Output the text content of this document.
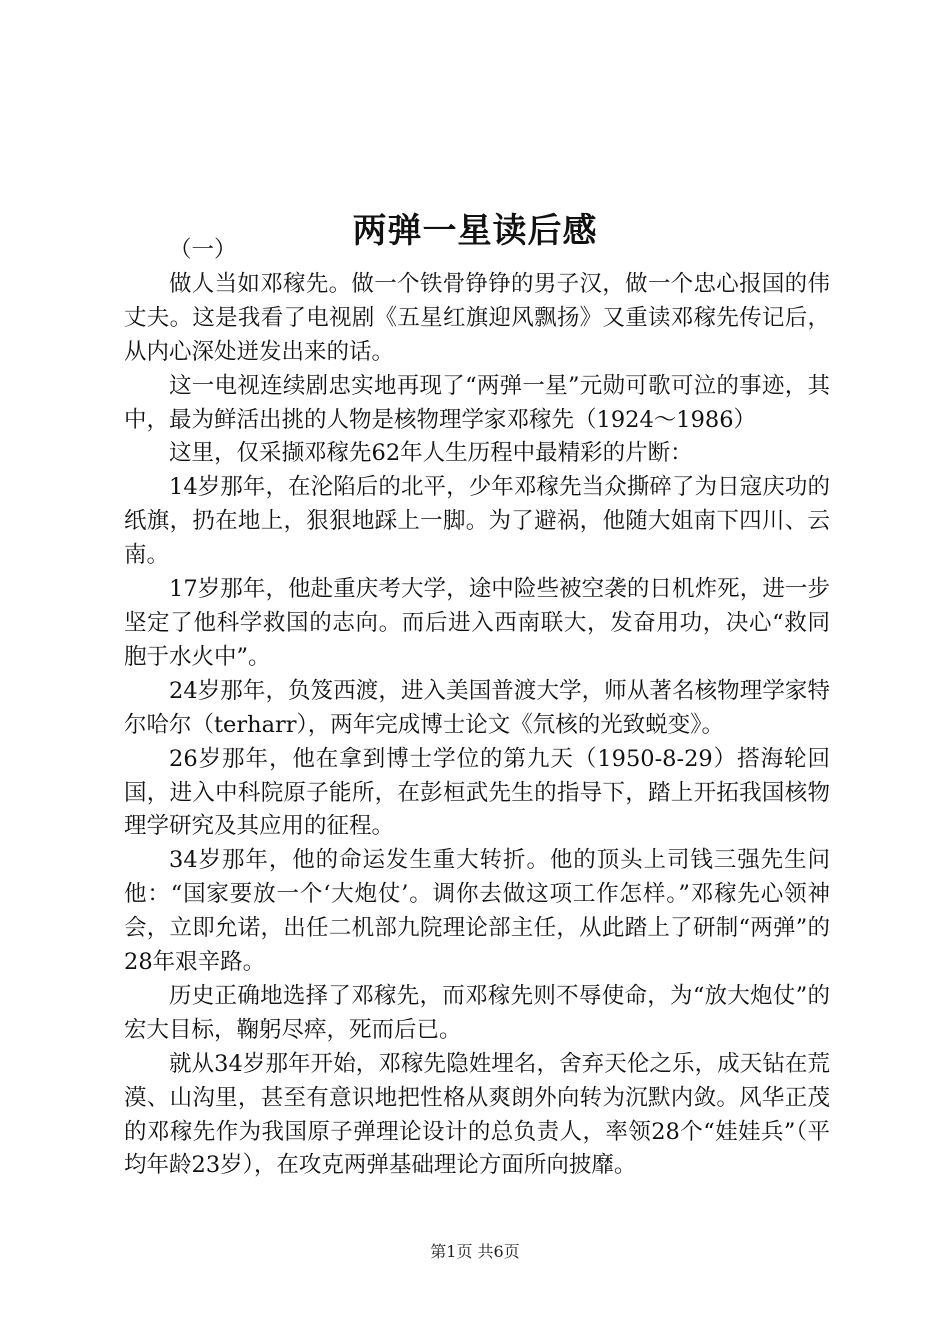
两弹一星读后感

（一）

做人当如邓稼先。做一个铁骨铮铮的男子汉，做一个忠心报国的伟丈夫。这是我看了电视剧《五星红旗迎风飘扬》又重读邓稼先传记后，从内心深处迸发出来的话。

这一电视连续剧忠实地再现了“两弹一星”元勋可歌可泣的事迹，其中，最为鲜活出挑的人物是核物理学家邓稼先（1924～1986）

这里，仅采撷邓稼先62年人生历程中最精彩的片断：

14岁那年，在沦陷后的北平，少年邓稼先当众撕碎了为日寇庆功的纸旗，扔在地上，狠狠地踩上一脚。为了避祸，他随大姐南下四川、云南。

17岁那年，他赴重庆考大学，途中险些被空袭的日机炸死，进一步坚定了他科学救国的志向。而后进入西南联大，发奋用功，决心“救同胞于水火中”。

24岁那年，负笈西渡，进入美国普渡大学，师从著名核物理学家特尔哈尔（terharr），两年完成博士论文《氘核的光致蜕变》。

26岁那年，他在拿到博士学位的第九天（1950-8-29）搭海轮回国，进入中科院原子能所，在彭桓武先生的指导下，踏上开拓我国核物理学研究及其应用的征程。

34岁那年，他的命运发生重大转折。他的顶头上司钱三强先生问他：“国家要放一个‘大炮仗’。调你去做这项工作怎样。”邓稼先心领神会，立即允诺，出任二机部九院理论部主任，从此踏上了研制“两弹”的28年艰辛路。

历史正确地选择了邓稼先，而邓稼先则不辱使命，为“放大炮仗”的宏大目标，鞠躬尽瘁，死而后已。

就从34岁那年开始，邓稼先隐姓埋名，舍弃天伦之乐，成天钻在荒漠、山沟里，甚至有意识地把性格从爽朗外向转为沉默内敛。风华正茂的邓稼先作为我国原子弹理论设计的总负责人，率领28个“娃娃兵”（平均年龄23岁），在攻克两弹基础理论方面所向披靡。

第1页 共6页
